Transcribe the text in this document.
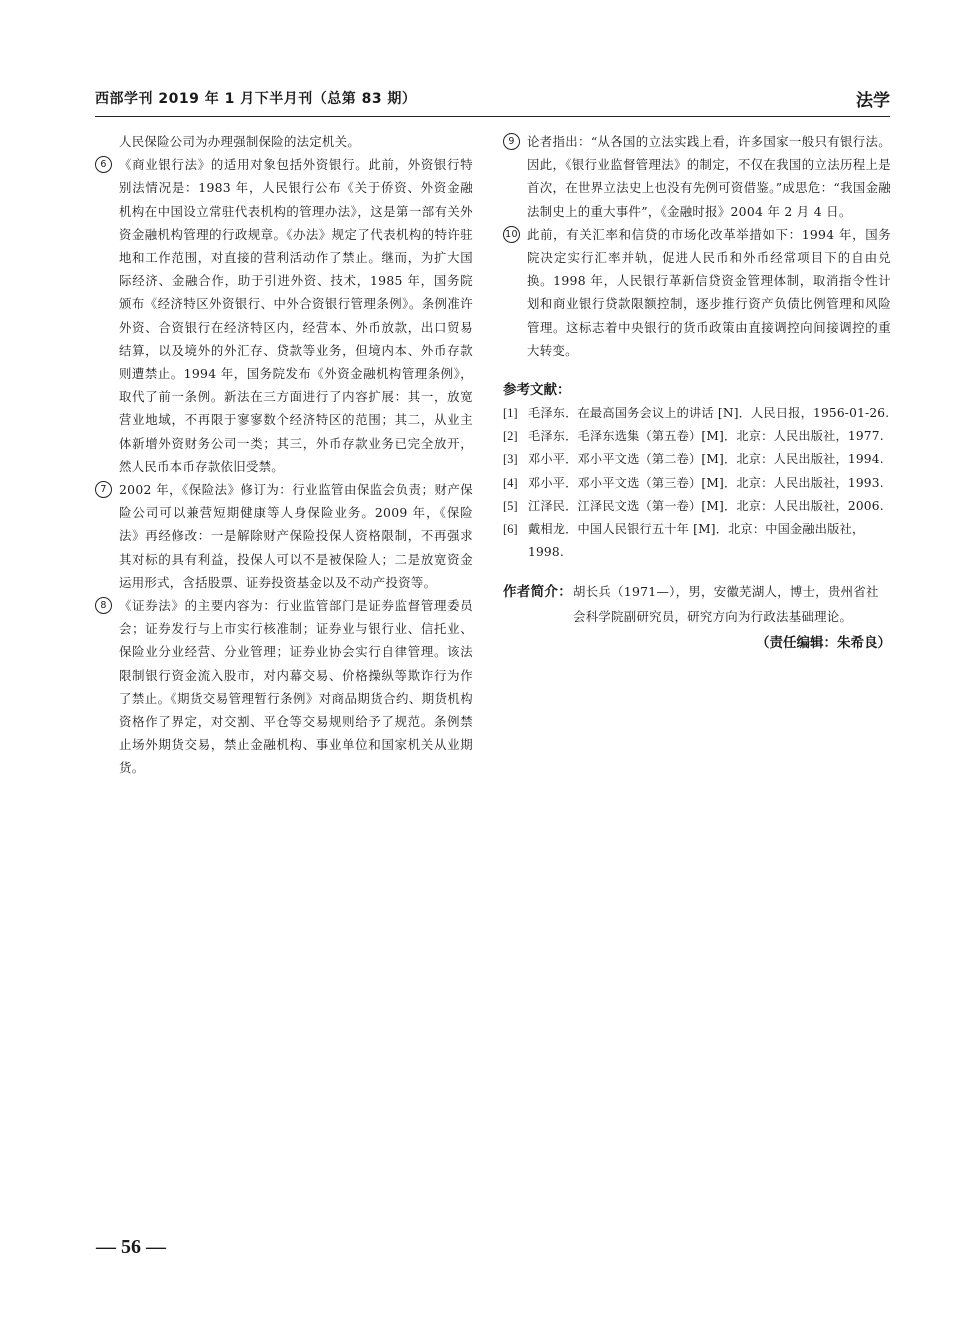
西部学刊 2019 年 1 月下半月刊（总第 83 期）	法学

人民保险公司为办理强制保险的法定机关。

6 《商业银行法》的适用对象包括外资银行。此前，外资银行特别法情况是：1983 年，人民银行公布《关于侨资、外资金融机构在中国设立常驻代表机构的管理办法》，这是第一部有关外资金融机构管理的行政规章。《办法》规定了代表机构的特许驻地和工作范围，对直接的营利活动作了禁止。继而，为扩大国际经济、金融合作，助于引进外资、技术，1985 年，国务院颁布《经济特区外资银行、中外合资银行管理条例》。条例准许外资、合资银行在经济特区内，经营本、外币放款，出口贸易结算，以及境外的外汇存、贷款等业务，但境内本、外币存款则遭禁止。1994 年，国务院发布《外资金融机构管理条例》，取代了前一条例。新法在三方面进行了内容扩展：其一，放宽营业地域，不再限于寥寥数个经济特区的范围；其二，从业主体新增外资财务公司一类；其三，外币存款业务已完全放开，然人民币本币存款依旧受禁。

7 2002 年，《保险法》修订为：行业监管由保监会负责；财产保险公司可以兼营短期健康等人身保险业务。2009 年，《保险法》再经修改：一是解除财产保险投保人资格限制，不再强求其对标的具有利益，投保人可以不是被保险人；二是放宽资金运用形式，含括股票、证券投资基金以及不动产投资等。

8 《证券法》的主要内容为：行业监管部门是证券监督管理委员会；证券发行与上市实行核准制；证券业与银行业、信托业、保险业分业经营、分业管理；证券业协会实行自律管理。该法限制银行资金流入股市，对内幕交易、价格操纵等欺诈行为作了禁止。《期货交易管理暂行条例》对商品期货合约、期货机构资格作了界定，对交割、平仓等交易规则给予了规范。条例禁止场外期货交易，禁止金融机构、事业单位和国家机关从业期货。

9 论者指出：“从各国的立法实践上看，许多国家一般只有银行法。因此，《银行业监督管理法》的制定，不仅在我国的立法历程上是首次，在世界立法史上也没有先例可资借鉴。”成思危：“我国金融法制史上的重大事件”，《金融时报》2004 年 2 月 4 日。

10 此前，有关汇率和信贷的市场化改革举措如下：1994 年，国务院决定实行汇率并轨，促进人民币和外币经常项目下的自由兑换。1998 年，人民银行革新信贷资金管理体制，取消指令性计划和商业银行贷款限额控制，逐步推行资产负债比例管理和风险管理。这标志着中央银行的货币政策由直接调控向间接调控的重大转变。

参考文献：
[1] 毛泽东．在最高国务会议上的讲话 [N]．人民日报，1956-01-26.
[2] 毛泽东．毛泽东选集（第五卷）[M]．北京：人民出版社，1977.
[3] 邓小平．邓小平文选（第二卷）[M]．北京：人民出版社，1994.
[4] 邓小平．邓小平文选（第三卷）[M]．北京：人民出版社，1993.
[5] 江泽民．江泽民文选（第一卷）[M]．北京：人民出版社，2006.
[6] 戴相龙．中国人民银行五十年 [M]．北京：中国金融出版社，1998.
作者简介： 胡长兵（1971—），男，安徽芜湖人，博士，贵州省社会科学院副研究员，研究方向为行政法基础理论。
（责任编辑：朱希良）
— 56 —
